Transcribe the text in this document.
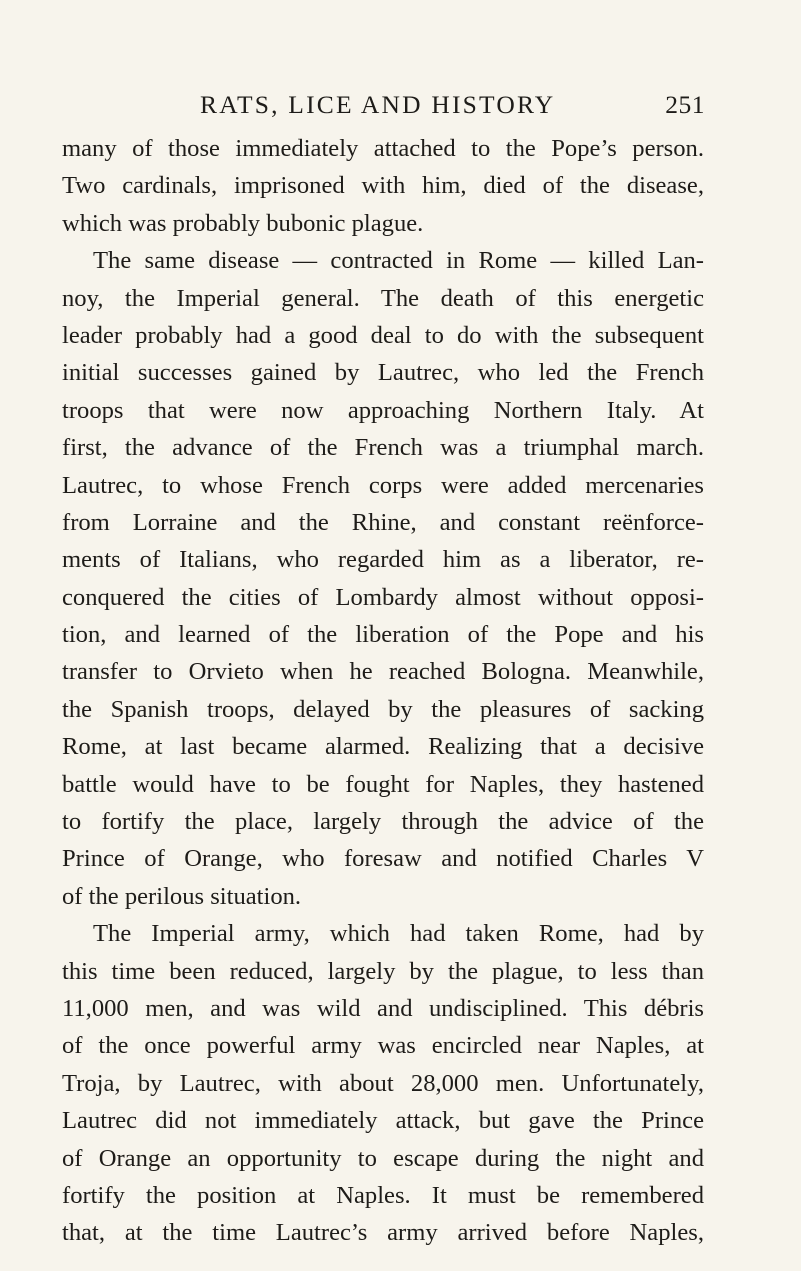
RATS, LICE AND HISTORY	251
many of those immediately attached to the Pope’s person.
Two cardinals, imprisoned with him, died of the disease,
which was probably bubonic plague.
The same disease — contracted in Rome — killed Lan-
noy, the Imperial general. The death of this energetic
leader probably had a good deal to do with the subsequent
initial successes gained by Lautrec, who led the French
troops that were now approaching Northern Italy. At
first, the advance of the French was a triumphal march.
Lautrec, to whose French corps were added mercenaries
from Lorraine and the Rhine, and constant reënforce-
ments of Italians, who regarded him as a liberator, re-
conquered the cities of Lombardy almost without opposi-
tion, and learned of the liberation of the Pope and his
transfer to Orvieto when he reached Bologna. Meanwhile,
the Spanish troops, delayed by the pleasures of sacking
Rome, at last became alarmed. Realizing that a decisive
battle would have to be fought for Naples, they hastened
to fortify the place, largely through the advice of the
Prince of Orange, who foresaw and notified Charles V
of the perilous situation.
The Imperial army, which had taken Rome, had by
this time been reduced, largely by the plague, to less than
11,000 men, and was wild and undisciplined. This débris
of the once powerful army was encircled near Naples, at
Troja, by Lautrec, with about 28,000 men. Unfortunately,
Lautrec did not immediately attack, but gave the Prince
of Orange an opportunity to escape during the night and
fortify the position at Naples. It must be remembered
that, at the time Lautrec’s army arrived before Naples,
